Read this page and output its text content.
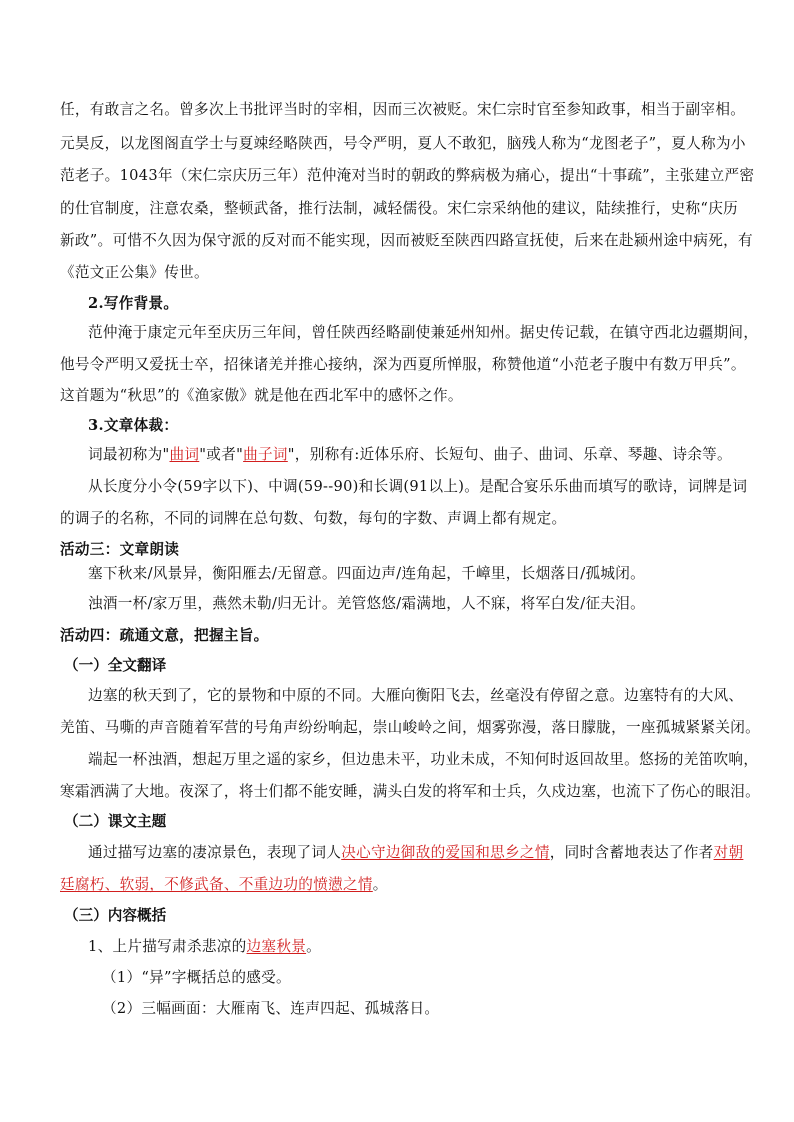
任，有敢言之名。曾多次上书批评当时的宰相，因而三次被贬。宋仁宗时官至参知政事，相当于副宰相。
元昊反，以龙图阁直学士与夏竦经略陕西，号令严明，夏人不敢犯，脑残人称为“龙图老子”，夏人称为小
范老子。1043年（宋仁宗庆历三年）范仲淹对当时的朝政的弊病极为痛心，提出“十事疏”，主张建立严密
的仕官制度，注意农桑，整顿武备，推行法制，减轻儒役。宋仁宗采纳他的建议，陆续推行，史称“庆历
新政”。可惜不久因为保守派的反对而不能实现，因而被贬至陕西四路宣抚使，后来在赴颍州途中病死，有
《范文正公集》传世。
2.写作背景。
范仲淹于康定元年至庆历三年间，曾任陕西经略副使兼延州知州。据史传记载，在镇守西北边疆期间，
他号令严明又爱抚士卒，招徕诸羌并推心接纳，深为西夏所惮服，称赞他道“小范老子腹中有数万甲兵”。
这首题为“秋思”的《渔家傲》就是他在西北军中的感怀之作。
3.文章体裁：
词最初称为"曲词"或者"曲子词"，别称有:近体乐府、长短句、曲子、曲词、乐章、琴趣、诗余等。
从长度分小令(59字以下)、中调(59--90)和长调(91以上)。是配合宴乐乐曲而填写的歌诗，词牌是词
的调子的名称，不同的词牌在总句数、句数，每句的字数、声调上都有规定。
活动三：文章朗读
塞下秋来/风景异，衡阳雁去/无留意。四面边声/连角起，千嶂里，长烟落日/孤城闭。
浊酒一杯/家万里，燕然未勒/归无计。羌管悠悠/霜满地，人不寐，将军白发/征夫泪。
活动四：疏通文意，把握主旨。
（一）全文翻译
边塞的秋天到了，它的景物和中原的不同。大雁向衡阳飞去，丝毫没有停留之意。边塞特有的大风、
羌笛、马嘶的声音随着军营的号角声纷纷响起，崇山峻岭之间，烟雾弥漫，落日朦胧，一座孤城紧紧关闭。
端起一杯浊酒，想起万里之遥的家乡，但边患未平，功业未成，不知何时返回故里。悠扬的羌笛吹响，
寒霜洒满了大地。夜深了，将士们都不能安睡，满头白发的将军和士兵，久戍边塞，也流下了伤心的眼泪。
（二）课文主题
通过描写边塞的凄凉景色，表现了词人决心守边御敌的爱国和思乡之情，同时含蓄地表达了作者对朝
廷腐朽、软弱，不修武备、不重边功的愤懑之情。
（三）内容概括
1、上片描写肃杀悲凉的边塞秋景。
（1）“异”字概括总的感受。
（2）三幅画面：大雁南飞、连声四起、孤城落日。
